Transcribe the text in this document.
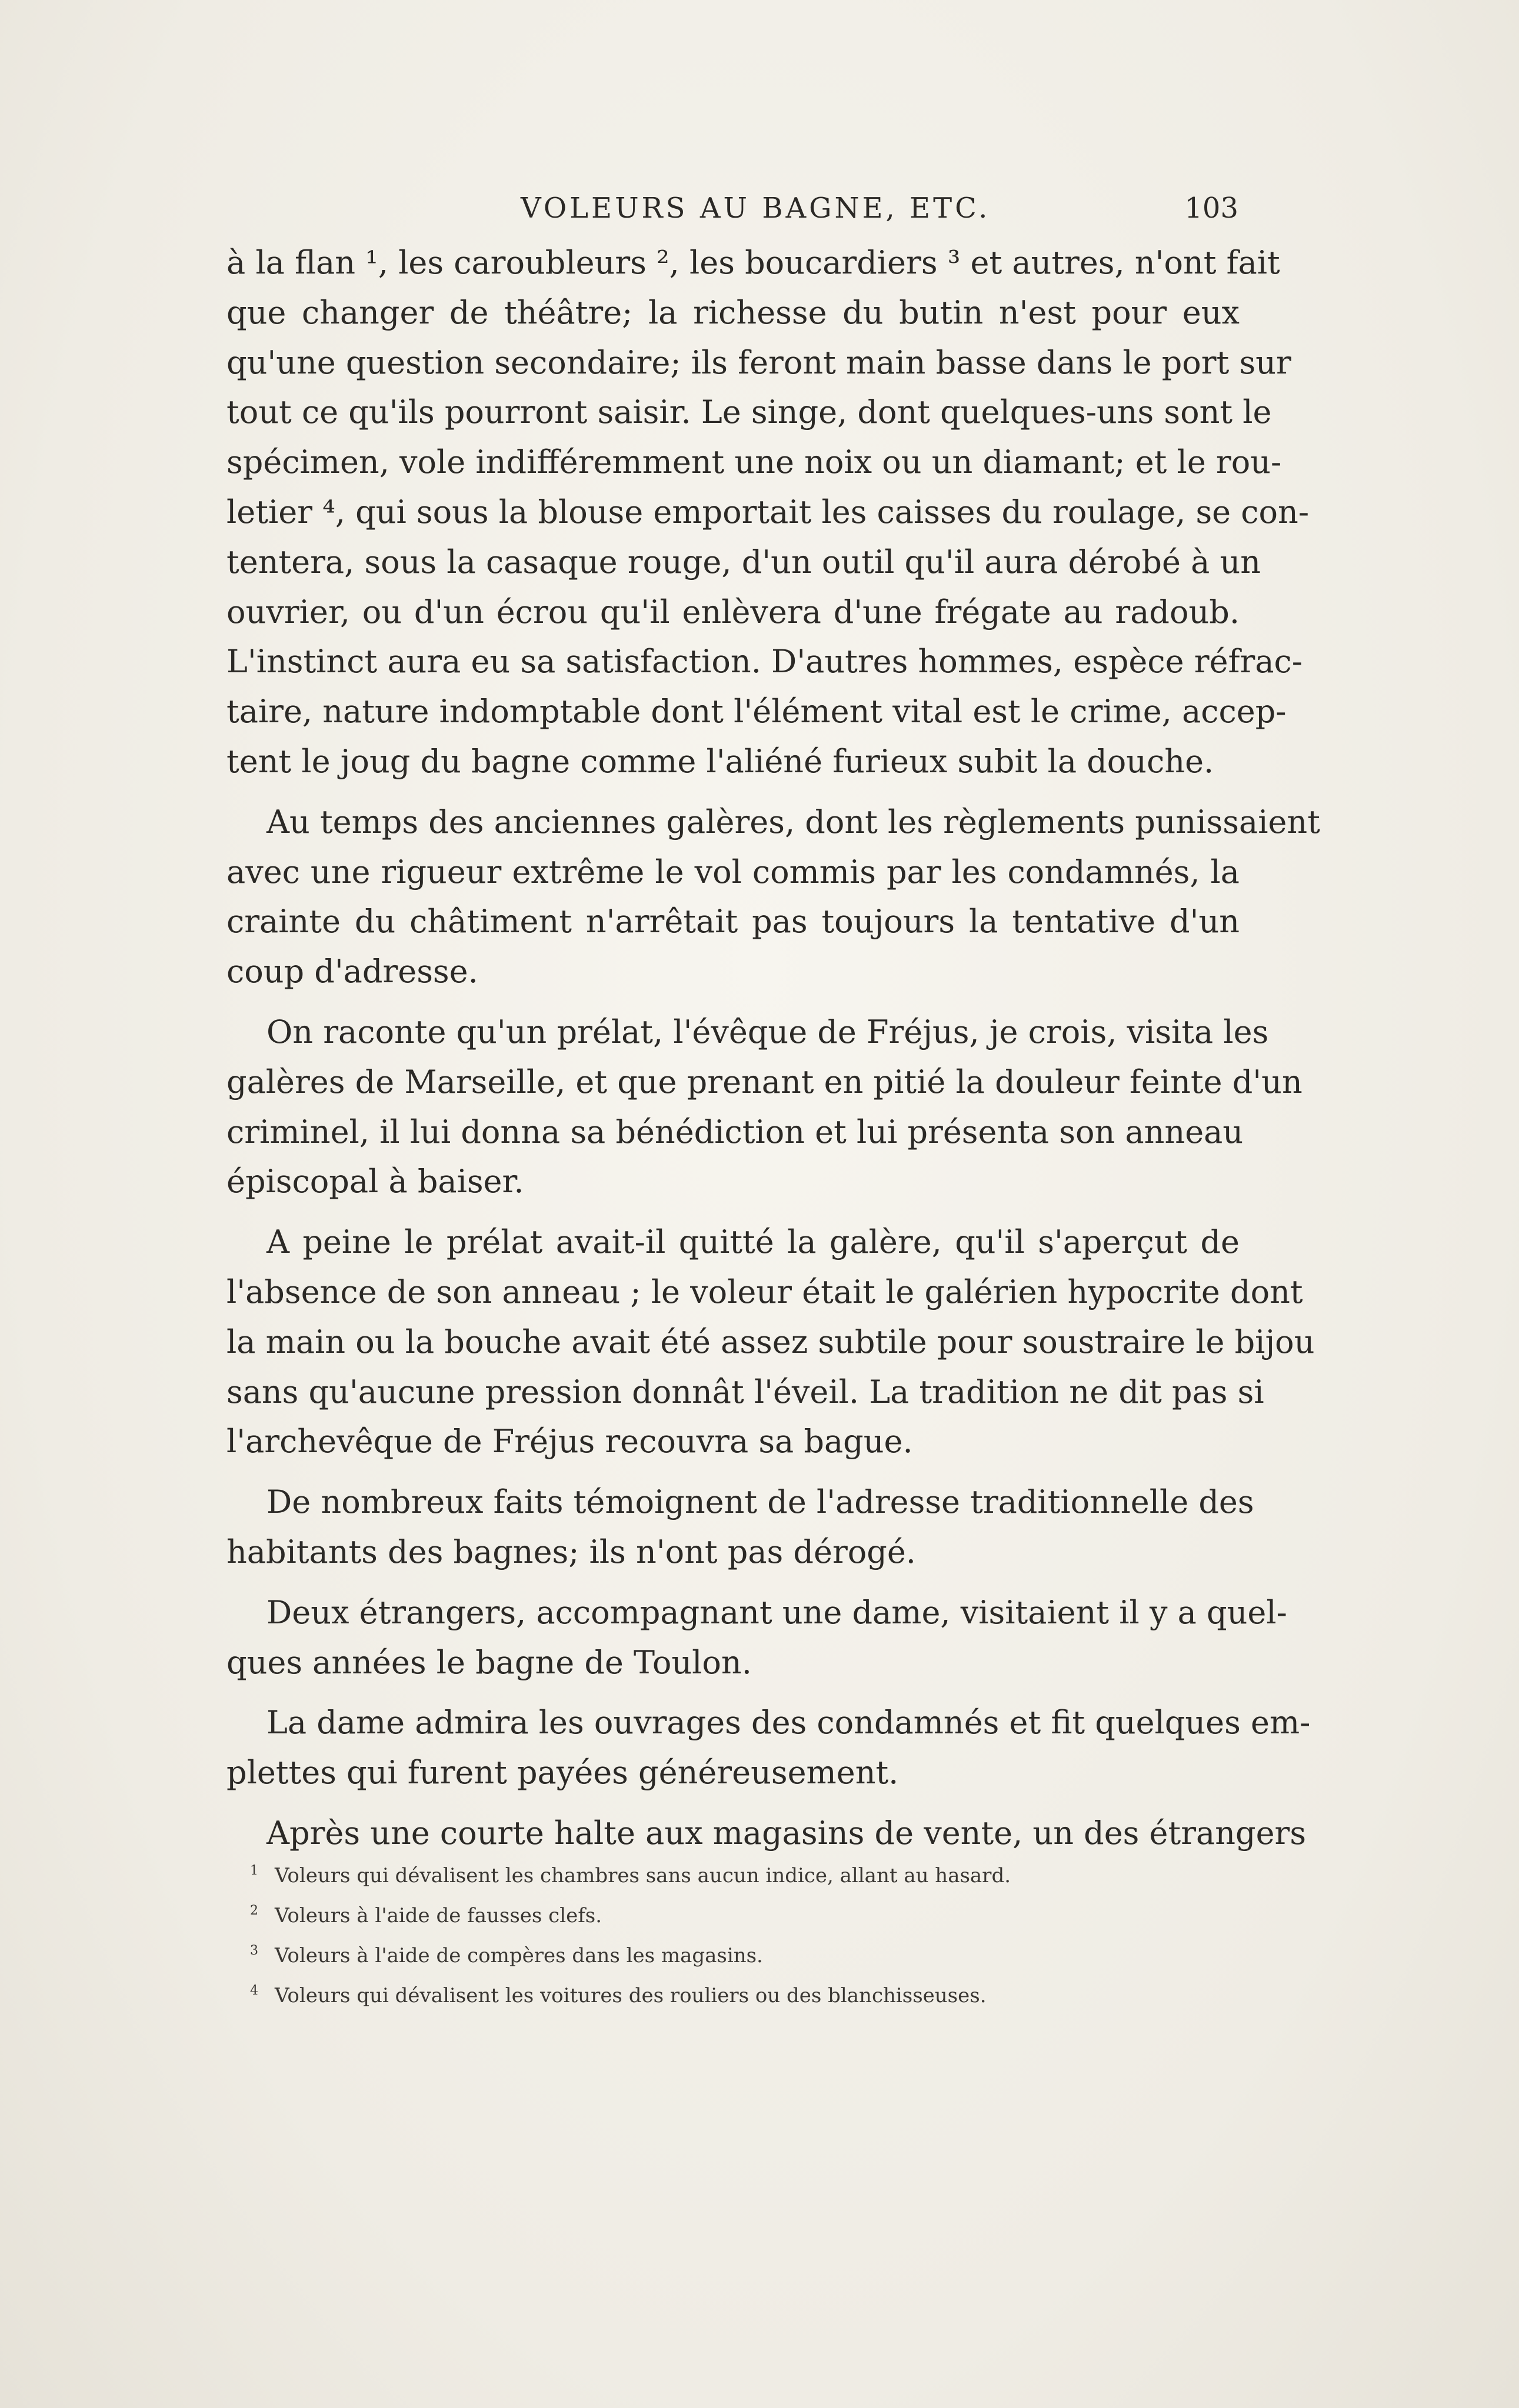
VOLEURS AU BAGNE, ETC.	103
à la flan ¹, les caroubleurs ², les boucardiers ³ et autres, n'ont fait
que changer de théâtre; la richesse du butin n'est pour eux
qu'une question secondaire; ils feront main basse dans le port sur
tout ce qu'ils pourront saisir. Le singe, dont quelques-uns sont le
spécimen, vole indifféremment une noix ou un diamant; et le rou-
letier ⁴, qui sous la blouse emportait les caisses du roulage, se con-
tentera, sous la casaque rouge, d'un outil qu'il aura dérobé à un
ouvrier, ou d'un écrou qu'il enlèvera d'une frégate au radoub.
L'instinct aura eu sa satisfaction. D'autres hommes, espèce réfrac-
taire, nature indomptable dont l'élément vital est le crime, accep-
tent le joug du bagne comme l'aliéné furieux subit la douche.
Au temps des anciennes galères, dont les règlements punissaient
avec une rigueur extrême le vol commis par les condamnés, la
crainte du châtiment n'arrêtait pas toujours la tentative d'un
coup d'adresse.
On raconte qu'un prélat, l'évêque de Fréjus, je crois, visita les
galères de Marseille, et que prenant en pitié la douleur feinte d'un
criminel, il lui donna sa bénédiction et lui présenta son anneau
épiscopal à baiser.
A peine le prélat avait-il quitté la galère, qu'il s'aperçut de
l'absence de son anneau ; le voleur était le galérien hypocrite dont
la main ou la bouche avait été assez subtile pour soustraire le bijou
sans qu'aucune pression donnât l'éveil. La tradition ne dit pas si
l'archevêque de Fréjus recouvra sa bague.
De nombreux faits témoignent de l'adresse traditionnelle des
habitants des bagnes; ils n'ont pas dérogé.
Deux étrangers, accompagnant une dame, visitaient il y a quel-
ques années le bagne de Toulon.
La dame admira les ouvrages des condamnés et fit quelques em-
plettes qui furent payées généreusement.
Après une courte halte aux magasins de vente, un des étrangers
1 Voleurs qui dévalisent les chambres sans aucun indice, allant au hasard.
2 Voleurs à l'aide de fausses clefs.
3 Voleurs à l'aide de compères dans les magasins.
4 Voleurs qui dévalisent les voitures des rouliers ou des blanchisseuses.
